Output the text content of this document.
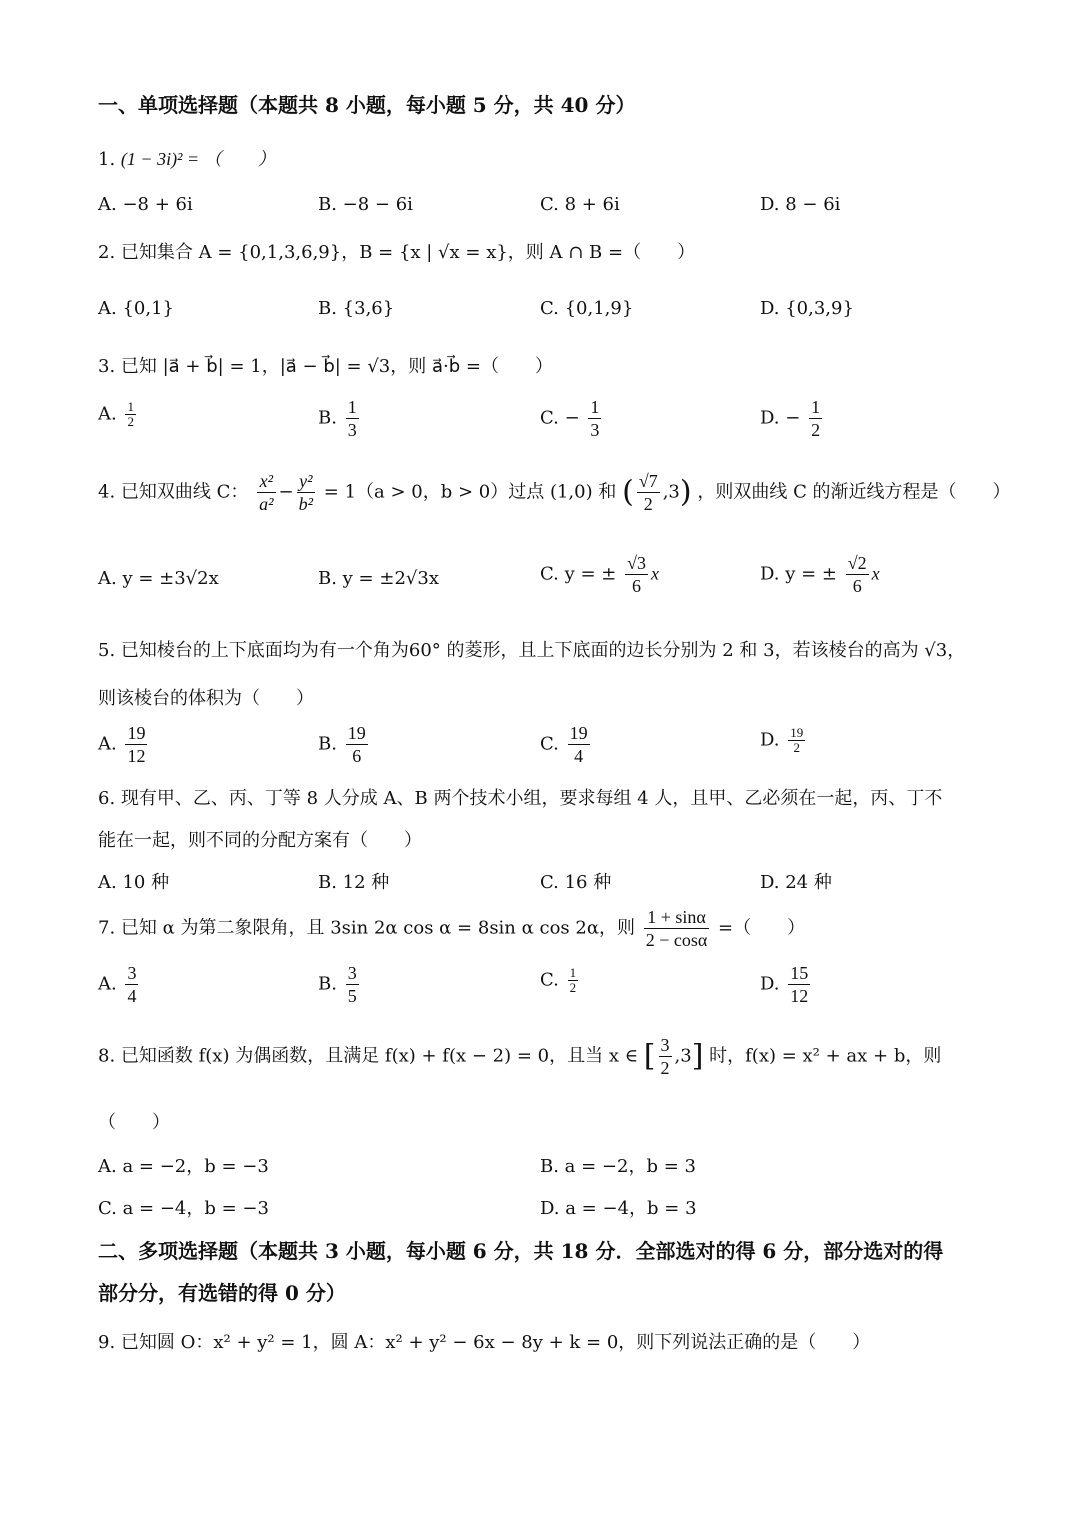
一、单项选择题（本题共 8 小题，每小题 5 分，共 40 分）
1. (1 − 3i)² = （　　）
A. −8 + 6i	B. −8 − 6i	C. 8 + 6i	D. 8 − 6i
2. 已知集合 A = {0,1,3,6,9}，B = {x | √x = x}，则 A ∩ B =（　　）
A. {0,1}	B. {3,6}	C. {0,1,9}	D. {0,3,9}
3. 已知 |a⃗ + b⃗| = 1，|a⃗ − b⃗| = √3，则 a⃗·b⃗ =（　　）
A. $\frac{1}{2}$	B. $\frac{1}{3}$	C. − $\frac{1}{3}$	D. − $\frac{1}{2}$
4. 已知双曲线 C： $\frac{\text{x²}}{\text{a²}} - \frac{\text{y²}}{\text{b²}} = 1(a > 0$，b > 0）过点 (1,0) 和 ( $\frac{√7}{2} ,3$) ，则双曲线 C 的渐近线方程是（　　）
A. y = ±3√2x	B. y = ±2√3x	C. y = ± $\frac{√3}{6}$ x	D. y = ± $\frac{√2}{6}$ x
5. 已知棱台的上下底面均为有一个角为60° 的菱形，且上下底面的边长分别为 2 和 3，若该棱台的高为 √3，
则该棱台的体积为（　　）
A. $\frac{19}{12}$	B. $\frac{19}{6}$	C. $\frac{19}{4}$	D. $\frac{19}{2}$
6. 现有甲、乙、丙、丁等 8 人分成 A、B 两个技术小组，要求每组 4 人，且甲、乙必须在一起，丙、丁不
能在一起，则不同的分配方案有（　　）
A. 10 种	B. 12 种	C. 16 种	D. 24 种
7. 已知 α 为第二象限角，且 3sin 2α cos α = 8sin α cos 2α，则 $\frac{1 + \sin\alpha}{2 - \cos\alpha}$ =（　　）
A. $\frac{3}{4}$	B. $\frac{3}{5}$	C. $\frac{1}{2}$	D. $\frac{15}{12}$
8. 已知函数 f(x) 为偶函数，且满足 f(x) + f(x − 2) = 0，且当 x ∈ [ $\frac{3}{2} ,3$] 时，f(x) = x² + ax + b，则
（　　）
A. a = −2，b = −3	B. a = −2，b = 3
C. a = −4，b = −3	D. a = −4，b = 3
二、多项选择题（本题共 3 小题，每小题 6 分，共 18 分．全部选对的得 6 分，部分选对的得
部分分，有选错的得 0 分）
9. 已知圆 O：x² + y² = 1，圆 A：x² + y² − 6x − 8y + k = 0，则下列说法正确的是（　　）
